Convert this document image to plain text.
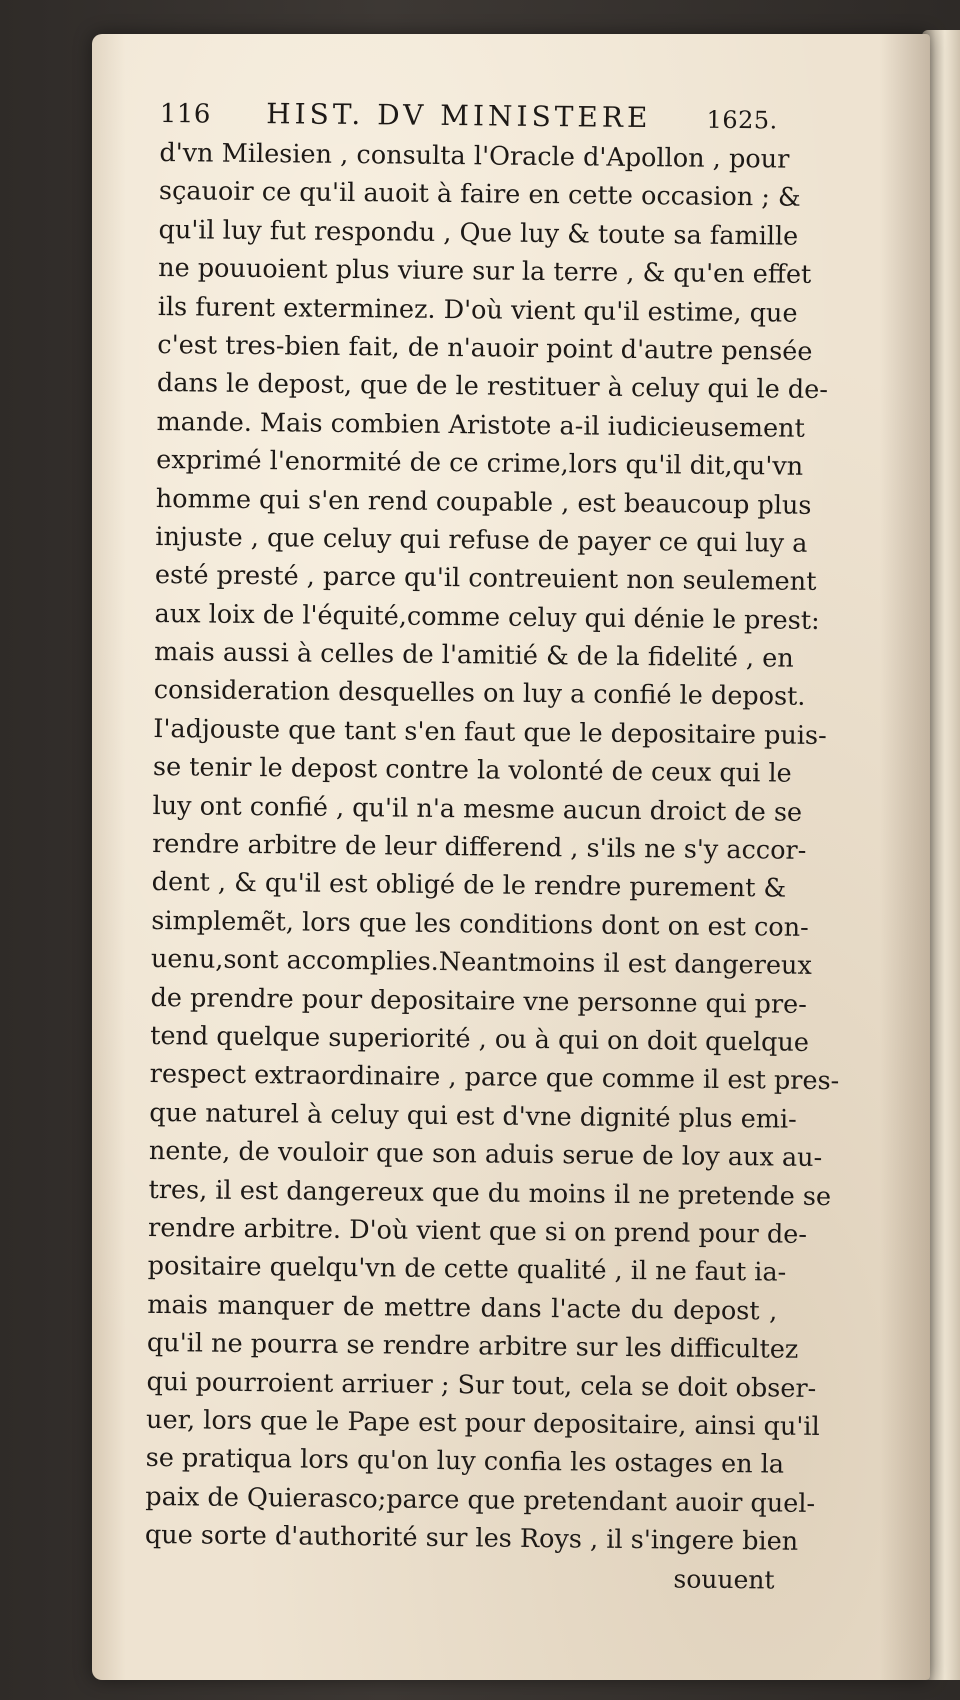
116 HIST. DV MINISTERE 1625.
d'vn Milesien , consulta l'Oracle d'Apollon , pour
sçauoir ce qu'il auoit à faire en cette occasion ; &
qu'il luy fut respondu , Que luy & toute sa famille
ne pouuoient plus viure sur la terre , & qu'en effet
ils furent exterminez. D'où vient qu'il estime, que
c'est tres-bien fait, de n'auoir point d'autre pensée
dans le depost, que de le restituer à celuy qui le de-
mande. Mais combien Aristote a-il iudicieusement
exprimé l'enormité de ce crime,lors qu'il dit,qu'vn
homme qui s'en rend coupable , est beaucoup plus
injuste , que celuy qui refuse de payer ce qui luy a
esté presté , parce qu'il contreuient non seulement
aux loix de l'équité,comme celuy qui dénie le prest:
mais aussi à celles de l'amitié & de la fidelité , en
consideration desquelles on luy a confié le depost.
I'adjouste que tant s'en faut que le depositaire puis-
se tenir le depost contre la volonté de ceux qui le
luy ont confié , qu'il n'a mesme aucun droict de se
rendre arbitre de leur differend , s'ils ne s'y accor-
dent , & qu'il est obligé de le rendre purement &
simplemẽt, lors que les conditions dont on est con-
uenu,sont accomplies.Neantmoins il est dangereux
de prendre pour depositaire vne personne qui pre-
tend quelque superiorité , ou à qui on doit quelque
respect extraordinaire , parce que comme il est pres-
que naturel à celuy qui est d'vne dignité plus emi-
nente, de vouloir que son aduis serue de loy aux au-
tres, il est dangereux que du moins il ne pretende se
rendre arbitre. D'où vient que si on prend pour de-
positaire quelqu'vn de cette qualité , il ne faut ia-
mais manquer de mettre dans l'acte du depost ,
qu'il ne pourra se rendre arbitre sur les difficultez
qui pourroient arriuer ; Sur tout, cela se doit obser-
uer, lors que le Pape est pour depositaire, ainsi qu'il
se pratiqua lors qu'on luy confia les ostages en la
paix de Quierasco;parce que pretendant auoir quel-
que sorte d'authorité sur les Roys , il s'ingere bien
souuent
